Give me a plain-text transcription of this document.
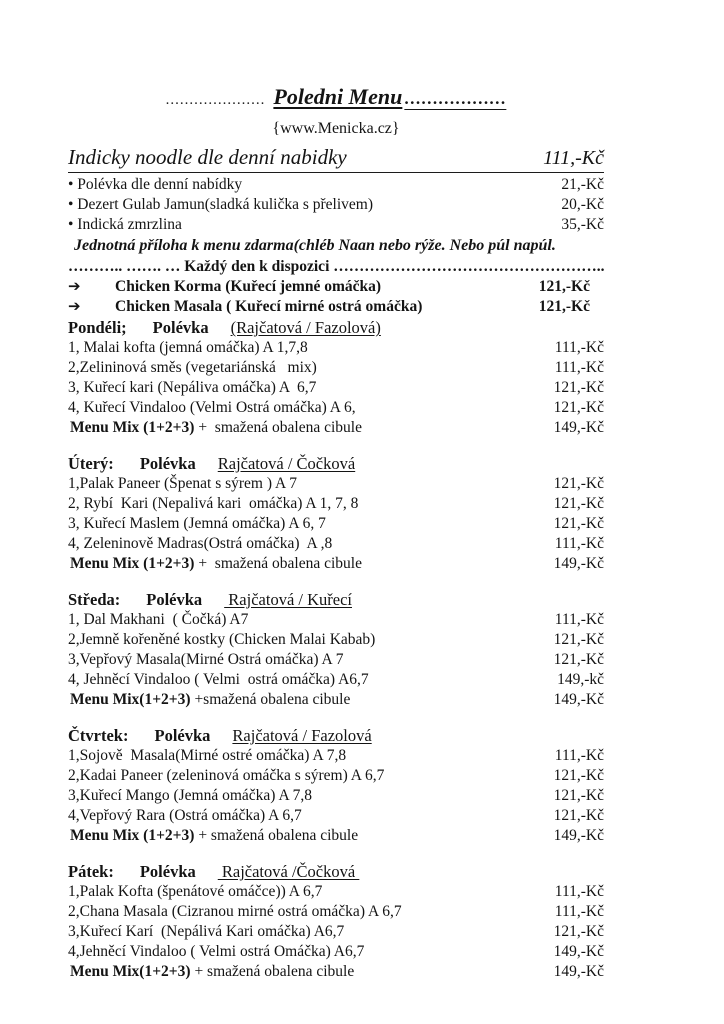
..................... Poledni Menu ………………
{www.Menicka.cz}
Indicky noodle dle denní nabidky	111,-Kč
• Polévka dle denní nabídky	21,-Kč
• Dezert Gulab Jamun(sladká kulička s přelivem)	20,-Kč
• Indická zmrzlina	35,-Kč
Jednotná příloha k menu zdarma(chléb Naan nebo rýže. Nebo púl napúl.
……….. ……. … Každý den k dispozici ……………………………………………..
➔	Chicken Korma (Kuřecí jemné omáčka)	121,-Kč
➔	Chicken Masala ( Kuřecí mirné ostrá omáčka)	121,-Kč
Pondéli; Polévka (Rajčatová / Fazolová)
1, Malai kofta (jemná omáčka) A 1,7,8	111,-Kč
2,Zelininová směs (vegetariánská   mix)	111,-Kč
3, Kuřecí kari (Nepáliva omáčka) A  6,7	121,-Kč
4, Kuřecí Vindaloo (Velmi Ostrá omáčka) A 6,	121,-Kč
Menu Mix (1+2+3) +  smažená obalena cibule	149,-Kč
Úterý: Polévka Rajčatová / Čočková
1,Palak Paneer (Špenat s sýrem ) A 7	121,-Kč
2, Rybí  Kari (Nepalivá kari  omáčka) A 1, 7, 8	121,-Kč
3, Kuřecí Maslem (Jemná omáčka) A 6, 7	121,-Kč
4, Zeleninově Madras(Ostrá omáčka)  A ,8	111,-Kč
Menu Mix (1+2+3) +  smažená obalena cibule	149,-Kč
Středa: Polévka Rajčatová / Kuřecí
1, Dal Makhani  ( Čočká) A7	111,-Kč
2,Jemně kořeněné kostky (Chicken Malai Kabab)	121,-Kč
3,Vepřový Masala(Mirné Ostrá omáčka) A 7	121,-Kč
4, Jehněcí Vindaloo ( Velmi  ostrá omáčka) A6,7	149,-kč
Menu Mix(1+2+3) +smažená obalena cibule	149,-Kč
Čtvrtek: Polévka Rajčatová / Fazolová
1,Sojově  Masala(Mirné ostré omáčka) A 7,8	111,-Kč
2,Kadai Paneer (zeleninová omáčka s sýrem) A 6,7	121,-Kč
3,Kuřecí Mango (Jemná omáčka) A 7,8	121,-Kč
4,Vepřový Rara (Ostrá omáčka) A 6,7	121,-Kč
Menu Mix (1+2+3) + smažená obalena cibule	149,-Kč
Pátek: Polévka Rajčatová /Čočková
1,Palak Kofta (špenátové omáčce)) A 6,7	111,-Kč
2,Chana Masala (Cizranou mirné ostrá omáčka) A 6,7	111,-Kč
3,Kuřecí Karí  (Nepálivá Kari omáčka) A6,7	121,-Kč
4,Jehněcí Vindaloo ( Velmi ostrá Omáčka) A6,7	149,-Kč
Menu Mix(1+2+3) + smažená obalena cibule	149,-Kč
